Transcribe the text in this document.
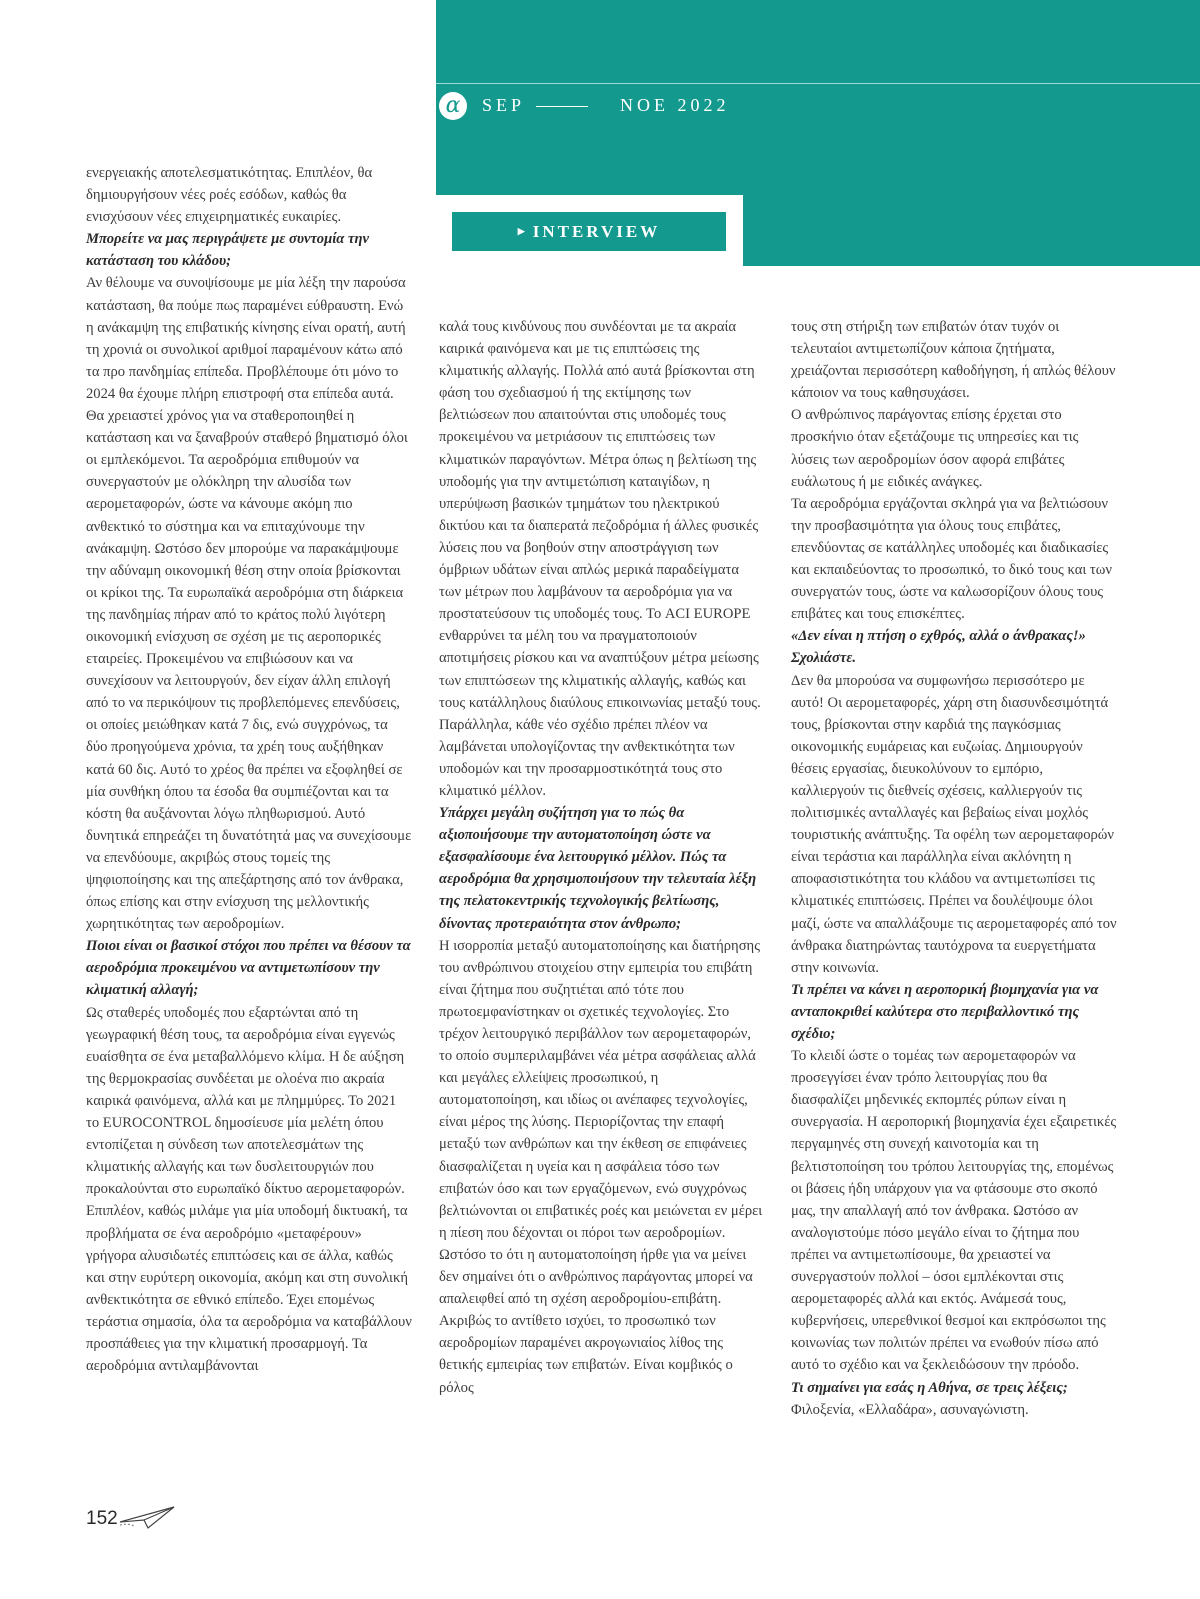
α	SEP	NOE 2022
▶ INTERVIEW

ενεργειακής αποτελεσματικότητας. Επιπλέον, θα δημιουργήσουν νέες ροές εσόδων, καθώς θα ενισχύσουν νέες επιχειρηματικές ευκαιρίες.

Μπορείτε να μας περιγράψετε με συντομία την κατάσταση του κλάδου;

Αν θέλουμε να συνοψίσουμε με μία λέξη την παρούσα κατάσταση, θα πούμε πως παραμένει εύθραυστη. Ενώ η ανάκαμψη της επιβατικής κίνησης είναι ορατή, αυτή τη χρονιά οι συνολικοί αριθμοί παραμένουν κάτω από τα προ πανδημίας επίπεδα. Προβλέπουμε ότι μόνο το 2024 θα έχουμε πλήρη επιστροφή στα επίπεδα αυτά. Θα χρειαστεί χρόνος για να σταθεροποιηθεί η κατάσταση και να ξαναβρούν σταθερό βηματισμό όλοι οι εμπλεκόμενοι. Τα αεροδρόμια επιθυμούν να συνεργαστούν με ολόκληρη την αλυσίδα των αερομεταφορών, ώστε να κάνουμε ακόμη πιο ανθεκτικό το σύστημα και να επιταχύνουμε την ανάκαμψη. Ωστόσο δεν μπορούμε να παρακάμψουμε την αδύναμη οικονομική θέση στην οποία βρίσκονται οι κρίκοι της. Τα ευρωπαϊκά αεροδρόμια στη διάρκεια της πανδημίας πήραν από το κράτος πολύ λιγότερη οικονομική ενίσχυση σε σχέση με τις αεροπορικές εταιρείες. Προκειμένου να επιβιώσουν και να συνεχίσουν να λειτουργούν, δεν είχαν άλλη επιλογή από το να περικόψουν τις προβλεπόμενες επενδύσεις, οι οποίες μειώθηκαν κατά 7 δις, ενώ συγχρόνως, τα δύο προηγούμενα χρόνια, τα χρέη τους αυξήθηκαν κατά 60 δις. Αυτό το χρέος θα πρέπει να εξοφληθεί σε μία συνθήκη όπου τα έσοδα θα συμπιέζονται και τα κόστη θα αυξάνονται λόγω πληθωρισμού. Αυτό δυνητικά επηρεάζει τη δυνατότητά μας να συνεχίσουμε να επενδύουμε, ακριβώς στους τομείς της ψηφιοποίησης και της απεξάρτησης από τον άνθρακα, όπως επίσης και στην ενίσχυση της μελλοντικής χωρητικότητας των αεροδρομίων.

Ποιοι είναι οι βασικοί στόχοι που πρέπει να θέσουν τα αεροδρόμια προκειμένου να αντιμετωπίσουν την κλιματική αλλαγή;

Ως σταθερές υποδομές που εξαρτώνται από τη γεωγραφική θέση τους, τα αεροδρόμια είναι εγγενώς ευαίσθητα σε ένα μεταβαλλόμενο κλίμα. Η δε αύξηση της θερμοκρασίας συνδέεται με ολοένα πιο ακραία καιρικά φαινόμενα, αλλά και με πλημμύρες. Το 2021 το EUROCONTROL δημοσίευσε μία μελέτη όπου εντοπίζεται η σύνδεση των αποτελεσμάτων της κλιματικής αλλαγής και των δυσλειτουργιών που προκαλούνται στο ευρωπαϊκό δίκτυο αερομεταφορών. Επιπλέον, καθώς μιλάμε για μία υποδομή δικτυακή, τα προβλήματα σε ένα αεροδρόμιο «μεταφέρουν» γρήγορα αλυσιδωτές επιπτώσεις και σε άλλα, καθώς και στην ευρύτερη οικονομία, ακόμη και στη συνολική ανθεκτικότητα σε εθνικό επίπεδο. Έχει επομένως τεράστια σημασία, όλα τα αεροδρόμια να καταβάλλουν προσπάθειες για την κλιματική προσαρμογή. Τα αεροδρόμια αντιλαμβάνονται

καλά τους κινδύνους που συνδέονται με τα ακραία καιρικά φαινόμενα και με τις επιπτώσεις της κλιματικής αλλαγής. Πολλά από αυτά βρίσκονται στη φάση του σχεδιασμού ή της εκτίμησης των βελτιώσεων που απαιτούνται στις υποδομές τους προκειμένου να μετριάσουν τις επιπτώσεις των κλιματικών παραγόντων. Μέτρα όπως η βελτίωση της υποδομής για την αντιμετώπιση καταιγίδων, η υπερύψωση βασικών τμημάτων του ηλεκτρικού δικτύου και τα διαπερατά πεζοδρόμια ή άλλες φυσικές λύσεις που να βοηθούν στην αποστράγγιση των όμβριων υδάτων είναι απλώς μερικά παραδείγματα των μέτρων που λαμβάνουν τα αεροδρόμια για να προστατεύσουν τις υποδομές τους. Το ACI EUROPE ενθαρρύνει τα μέλη του να πραγματοποιούν αποτιμήσεις ρίσκου και να αναπτύξουν μέτρα μείωσης των επιπτώσεων της κλιματικής αλλαγής, καθώς και τους κατάλληλους διαύλους επικοινωνίας μεταξύ τους. Παράλληλα, κάθε νέο σχέδιο πρέπει πλέον να λαμβάνεται υπολογίζοντας την ανθεκτικότητα των υποδομών και την προσαρμοστικότητά τους στο κλιματικό μέλλον.

Υπάρχει μεγάλη συζήτηση για το πώς θα αξιοποιήσουμε την αυτοματοποίηση ώστε να εξασφαλίσουμε ένα λειτουργικό μέλλον. Πώς τα αεροδρόμια θα χρησιμοποιήσουν την τελευταία λέξη της πελατοκεντρικής τεχνολογικής βελτίωσης, δίνοντας προτεραιότητα στον άνθρωπο;

Η ισορροπία μεταξύ αυτοματοποίησης και διατήρησης του ανθρώπινου στοιχείου στην εμπειρία του επιβάτη είναι ζήτημα που συζητιέται από τότε που πρωτοεμφανίστηκαν οι σχετικές τεχνολογίες. Στο τρέχον λειτουργικό περιβάλλον των αερομεταφορών, το οποίο συμπεριλαμβάνει νέα μέτρα ασφάλειας αλλά και μεγάλες ελλείψεις προσωπικού, η αυτοματοποίηση, και ιδίως οι ανέπαφες τεχνολογίες, είναι μέρος της λύσης. Περιορίζοντας την επαφή μεταξύ των ανθρώπων και την έκθεση σε επιφάνειες διασφαλίζεται η υγεία και η ασφάλεια τόσο των επιβατών όσο και των εργαζόμενων, ενώ συγχρόνως βελτιώνονται οι επιβατικές ροές και μειώνεται εν μέρει η πίεση που δέχονται οι πόροι των αεροδρομίων. Ωστόσο το ότι η αυτοματοποίηση ήρθε για να μείνει δεν σημαίνει ότι ο ανθρώπινος παράγοντας μπορεί να απαλειφθεί από τη σχέση αεροδρομίου-επιβάτη. Ακριβώς το αντίθετο ισχύει, το προσωπικό των αεροδρομίων παραμένει ακρογωνιαίος λίθος της θετικής εμπειρίας των επιβατών. Είναι κομβικός ο ρόλος

τους στη στήριξη των επιβατών όταν τυχόν οι τελευταίοι αντιμετωπίζουν κάποια ζητήματα, χρειάζονται περισσότερη καθοδήγηση, ή απλώς θέλουν κάποιον να τους καθησυχάσει.

Ο ανθρώπινος παράγοντας επίσης έρχεται στο προσκήνιο όταν εξετάζουμε τις υπηρεσίες και τις λύσεις των αεροδρομίων όσον αφορά επιβάτες ευάλωτους ή με ειδικές ανάγκες.

Τα αεροδρόμια εργάζονται σκληρά για να βελτιώσουν την προσβασιμότητα για όλους τους επιβάτες, επενδύοντας σε κατάλληλες υποδομές και διαδικασίες και εκπαιδεύοντας το προσωπικό, το δικό τους και των συνεργατών τους, ώστε να καλωσορίζουν όλους τους επιβάτες και τους επισκέπτες.

«Δεν είναι η πτήση ο εχθρός, αλλά ο άνθρακας!» Σχολιάστε.

Δεν θα μπορούσα να συμφωνήσω περισσότερο με αυτό! Οι αερομεταφορές, χάρη στη διασυνδεσιμότητά τους, βρίσκονται στην καρδιά της παγκόσμιας οικονομικής ευμάρειας και ευζωίας. Δημιουργούν θέσεις εργασίας, διευκολύνουν το εμπόριο, καλλιεργούν τις διεθνείς σχέσεις, καλλιεργούν τις πολιτισμικές ανταλλαγές και βεβαίως είναι μοχλός τουριστικής ανάπτυξης. Τα οφέλη των αερομεταφορών είναι τεράστια και παράλληλα είναι ακλόνητη η αποφασιστικότητα του κλάδου να αντιμετωπίσει τις κλιματικές επιπτώσεις. Πρέπει να δουλέψουμε όλοι μαζί, ώστε να απαλλάξουμε τις αερομεταφορές από τον άνθρακα διατηρώντας ταυτόχρονα τα ευεργετήματα στην κοινωνία.

Τι πρέπει να κάνει η αεροπορική βιομηχανία για να ανταποκριθεί καλύτερα στο περιβαλλοντικό της σχέδιο;

Το κλειδί ώστε ο τομέας των αερομεταφορών να προσεγγίσει έναν τρόπο λειτουργίας που θα διασφαλίζει μηδενικές εκπομπές ρύπων είναι η συνεργασία. Η αεροπορική βιομηχανία έχει εξαιρετικές περγαμηνές στη συνεχή καινοτομία και τη βελτιστοποίηση του τρόπου λειτουργίας της, επομένως οι βάσεις ήδη υπάρχουν για να φτάσουμε στο σκοπό μας, την απαλλαγή από τον άνθρακα. Ωστόσο αν αναλογιστούμε πόσο μεγάλο είναι το ζήτημα που πρέπει να αντιμετωπίσουμε, θα χρειαστεί να συνεργαστούν πολλοί – όσοι εμπλέκονται στις αερομεταφορές αλλά και εκτός. Ανάμεσά τους, κυβερνήσεις, υπερεθνικοί θεσμοί και εκπρόσωποι της κοινωνίας των πολιτών πρέπει να ενωθούν πίσω από αυτό το σχέδιο και να ξεκλειδώσουν την πρόοδο.

Τι σημαίνει για εσάς η Αθήνα, σε τρεις λέξεις;

Φιλοξενία, «Ελλαδάρα», ασυναγώνιστη.

152
